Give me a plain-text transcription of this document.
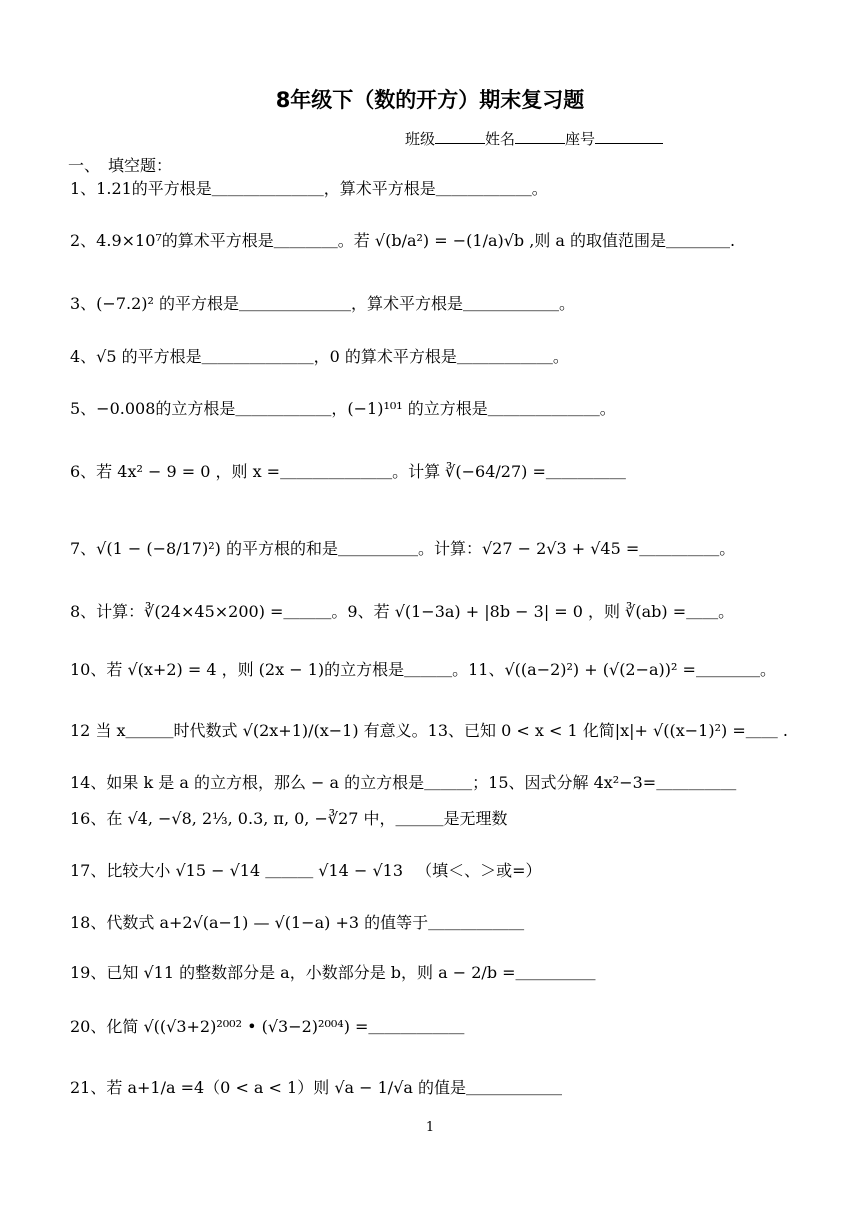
8年级下（数的开方）期末复习题
班级	姓名	座号
一、　填空题：
1、1.21的平方根是＿＿＿＿＿＿＿，算术平方根是＿＿＿＿＿＿。
2、4.9×10⁷的算术平方根是＿＿＿＿。若 √(b/a²) = −(1/a)√b ,则 a 的取值范围是＿＿＿＿.
3、(−7.2)² 的平方根是＿＿＿＿＿＿＿，算术平方根是＿＿＿＿＿＿。
4、√5 的平方根是＿＿＿＿＿＿＿，0 的算术平方根是＿＿＿＿＿＿。
5、−0.008的立方根是＿＿＿＿＿＿，(−1)¹⁰¹ 的立方根是＿＿＿＿＿＿＿。
6、若 4x² − 9 = 0 ，则 x =＿＿＿＿＿＿＿。计算 ∛(−64/27) =＿＿＿＿＿
7、√(1 − (−8/17)²) 的平方根的和是＿＿＿＿＿。计算：√27 − 2√3 + √45 =＿＿＿＿＿。
8、计算：∛(24×45×200) =＿＿＿。9、若 √(1−3a) + |8b − 3| = 0 ，则 ∛(ab) =＿＿。
10、若 √(x+2) = 4 ，则 (2x − 1)的立方根是＿＿＿。11、√((a−2)²) + (√(2−a))² =＿＿＿＿。
12 当 x＿＿＿时代数式 √(2x+1)/(x−1) 有意义。13、已知 0 < x < 1 化简|x|+ √((x−1)²) =＿＿ .
14、如果 k 是 a 的立方根，那么 − a 的立方根是＿＿＿；15、因式分解 4x²−3=＿＿＿＿＿
16、在 √4, −√8, 2⅓, 0.3, π, 0, −∛27 中，＿＿＿是无理数
17、比较大小 √15 − √14 ＿＿＿ √14 − √13 　（填＜、＞或=）
18、代数式 a+2√(a−1) — √(1−a) +3 的值等于＿＿＿＿＿＿
19、已知 √11 的整数部分是 a，小数部分是 b，则 a − 2/b =＿＿＿＿＿
20、化简 √((√3+2)²⁰⁰² • (√3−2)²⁰⁰⁴) =＿＿＿＿＿＿
21、若 a+1/a =4（0 < a < 1）则 √a − 1/√a 的值是＿＿＿＿＿＿
1
